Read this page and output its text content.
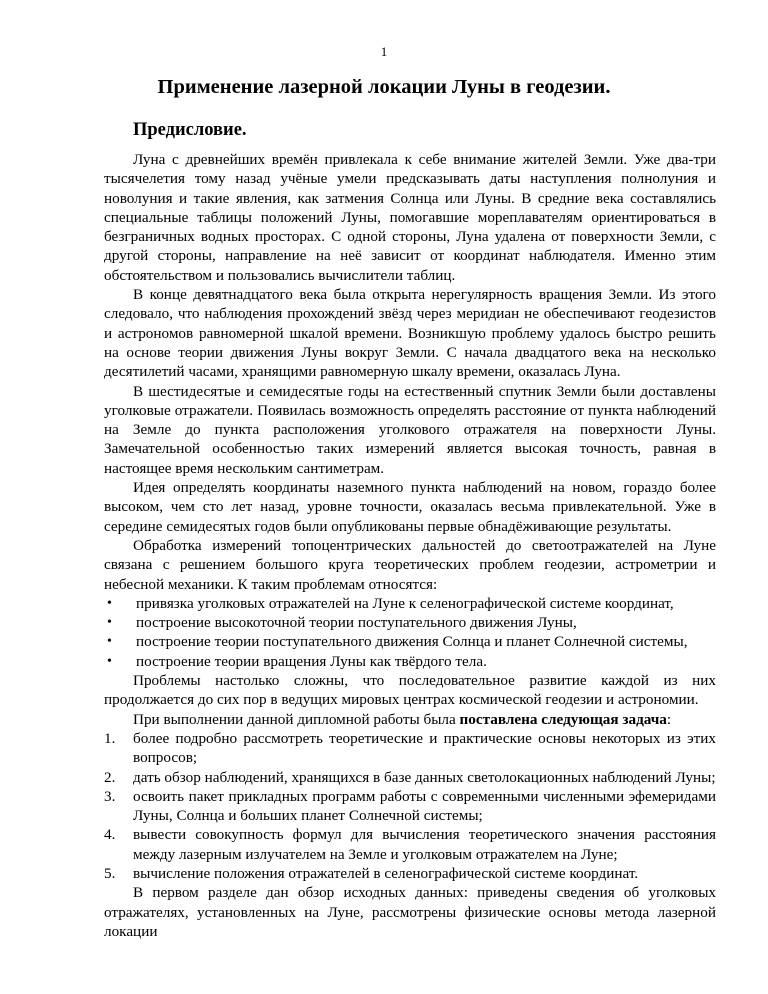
1
Применение лазерной локации Луны в геодезии.
Предисловие.

Луна с древнейших времён привлекала к себе внимание жителей Земли. Уже два-три тысячелетия тому назад учёные умели предсказывать даты наступления полнолуния и новолуния и такие явления, как затмения Солнца или Луны. В средние века составлялись специальные таблицы положений Луны, помогавшие мореплавателям ориентироваться в безграничных водных просторах. С одной стороны, Луна удалена от поверхности Земли, с другой стороны, направление на неё зависит от координат наблюдателя. Именно этим обстоятельством и пользовались вычислители таблиц.

В конце девятнадцатого века была открыта нерегулярность вращения Земли. Из этого следовало, что наблюдения прохождений звёзд через меридиан не обеспечивают геодезистов и астрономов равномерной шкалой времени. Возникшую проблему удалось быстро решить на основе теории движения Луны вокруг Земли. С начала двадцатого века на несколько десятилетий часами, хранящими равномерную шкалу времени, оказалась Луна.

В шестидесятые и семидесятые годы на естественный спутник Земли были доставлены уголковые отражатели. Появилась возможность определять расстояние от пункта наблюдений на Земле до пункта расположения уголкового отражателя на поверхности Луны. Замечательной особенностью таких измерений является высокая точность, равная в настоящее время нескольким сантиметрам.

Идея определять координаты наземного пункта наблюдений на новом, гораздо более высоком, чем сто лет назад, уровне точности, оказалась весьма привлекательной. Уже в середине семидесятых годов были опубликованы первые обнадёживающие результаты.

Обработка измерений топоцентрических дальностей до светоотражателей на Луне связана с решением большого круга теоретических проблем геодезии, астрометрии и небесной механики. К таким проблемам относятся:

•	привязка уголковых отражателей на Луне к селенографической системе координат,
•	построение высокоточной теории поступательного движения Луны,
•	построение теории поступательного движения Солнца и планет Солнечной системы,
•	построение теории вращения Луны как твёрдого тела.

Проблемы настолько сложны, что последовательное развитие каждой из них продолжается до сих пор в ведущих мировых центрах космической геодезии и астрономии.

При выполнении данной дипломной работы была поставлена следующая задача:

1.	более подробно рассмотреть теоретические и практические основы некоторых из этих вопросов;
2.	дать обзор наблюдений, хранящихся в базе данных светолокационных наблюдений Луны;
3.	освоить пакет прикладных программ работы с современными численными эфемеридами Луны, Солнца и больших планет Солнечной системы;
4.	вывести совокупность формул для вычисления теоретического значения расстояния между лазерным излучателем на Земле и уголковым отражателем на Луне;
5.	вычисление положения отражателей в селенографической системе координат.

В первом разделе дан обзор исходных данных: приведены сведения об уголковых отражателях, установленных на Луне, рассмотрены физические основы метода лазерной локации
